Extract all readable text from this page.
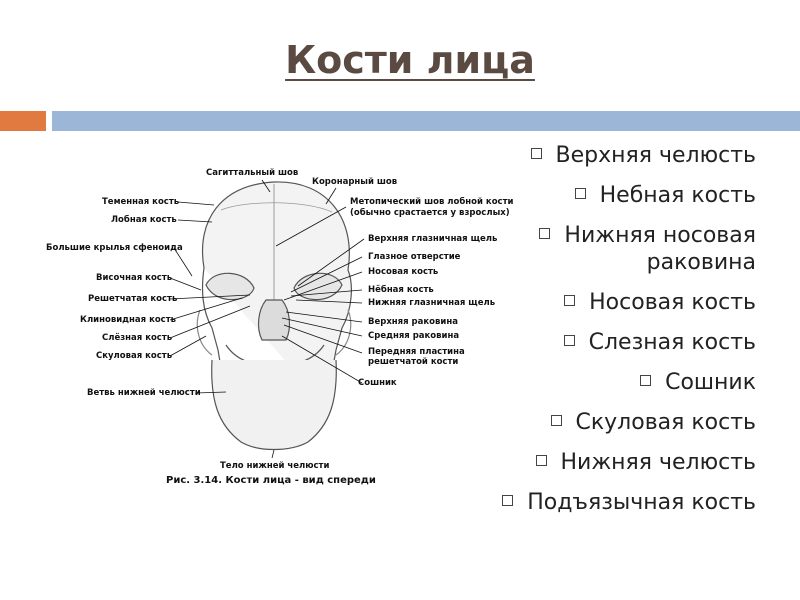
Кости лица
Теменная кость
Лобная кость
Большие крылья сфеноида
Височная кость
Решетчатая кость
Клиновидная кость
Слёзная кость
Скуловая кость
Ветвь нижней челюсти
Сагиттальный шов
Коронарный шов
Метопический шов лобной кости
(обычно срастается у взрослых)
Верхняя глазничная щель
Глазное отверстие
Носовая кость
Нёбная кость
Нижняя глазничная щель
Верхняя раковина
Средняя раковина
Передняя пластина
решетчатой кости
Сошник
Тело нижней челюсти
Рис. 3.14. Кости лица - вид спереди
Верхняя челюсть
Небная кость
Нижняя носовая раковина
Носовая кость
Слезная кость
Сошник
Скуловая кость
Нижняя челюсть
Подъязычная кость
